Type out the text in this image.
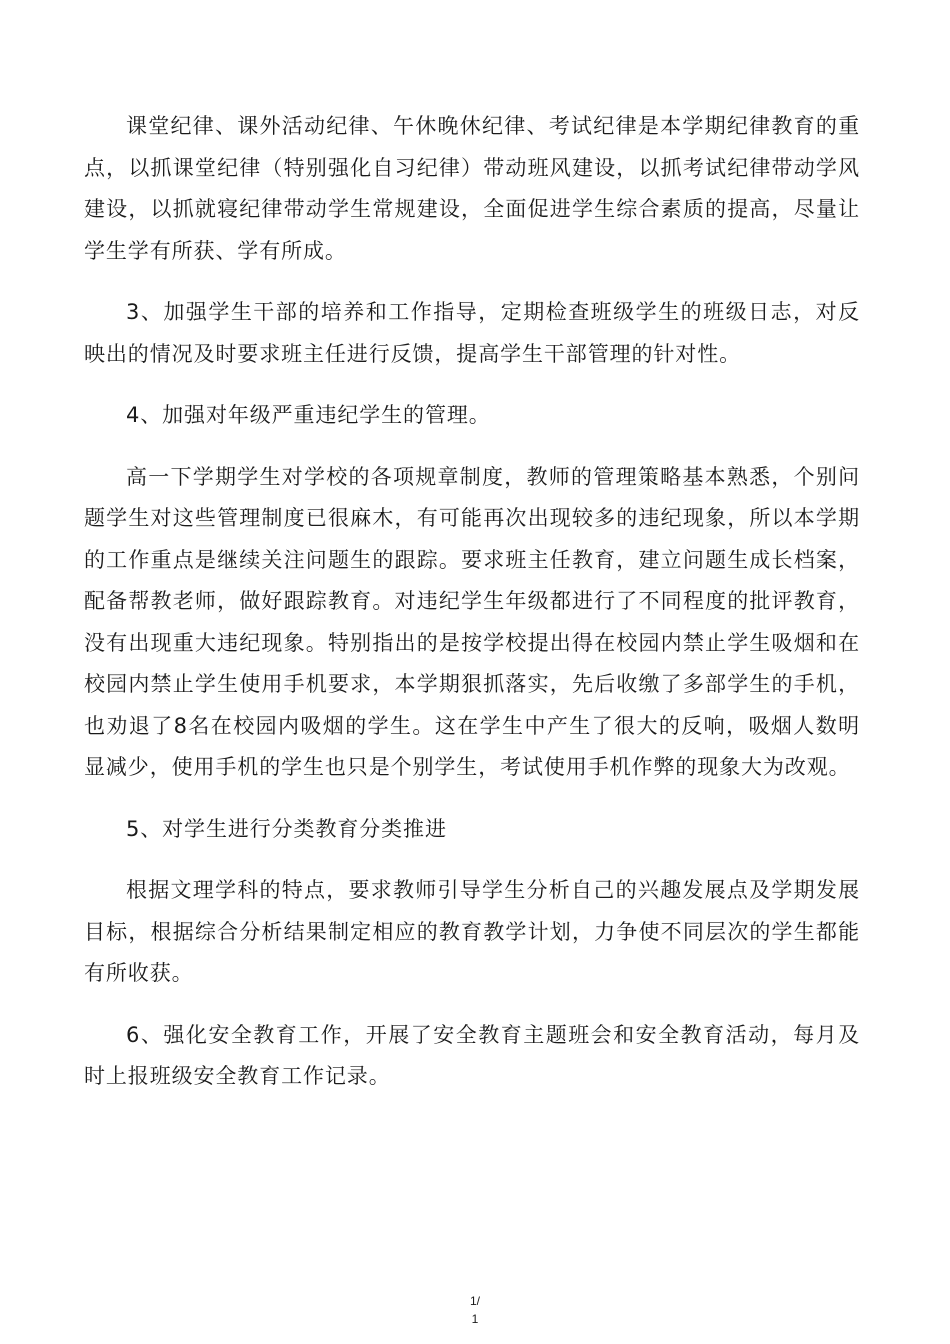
课堂纪律、课外活动纪律、午休晚休纪律、考试纪律是本学期纪律教育的重点，以抓课堂纪律（特别强化自习纪律）带动班风建设，以抓考试纪律带动学风建设，以抓就寝纪律带动学生常规建设，全面促进学生综合素质的提高，尽量让学生学有所获、学有所成。

3、加强学生干部的培养和工作指导，定期检查班级学生的班级日志，对反映出的情况及时要求班主任进行反馈，提高学生干部管理的针对性。

4、加强对年级严重违纪学生的管理。

高一下学期学生对学校的各项规章制度，教师的管理策略基本熟悉，个别问题学生对这些管理制度已很麻木，有可能再次出现较多的违纪现象，所以本学期的工作重点是继续关注问题生的跟踪。要求班主任教育，建立问题生成长档案，配备帮教老师，做好跟踪教育。对违纪学生年级都进行了不同程度的批评教育，没有出现重大违纪现象。特别指出的是按学校提出得在校园内禁止学生吸烟和在校园内禁止学生使用手机要求，本学期狠抓落实，先后收缴了多部学生的手机，也劝退了8名在校园内吸烟的学生。这在学生中产生了很大的反响，吸烟人数明显减少，使用手机的学生也只是个别学生，考试使用手机作弊的现象大为改观。

5、对学生进行分类教育分类推进

根据文理学科的特点，要求教师引导学生分析自己的兴趣发展点及学期发展目标，根据综合分析结果制定相应的教育教学计划，力争使不同层次的学生都能有所收获。

6、强化安全教育工作，开展了安全教育主题班会和安全教育活动，每月及时上报班级安全教育工作记录。

1/
1
